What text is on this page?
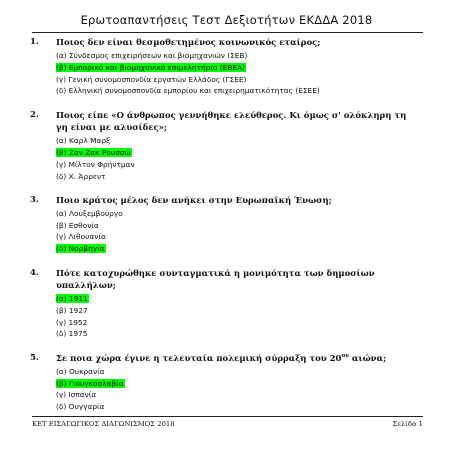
Ερωτοαπαντήσεις Τεστ Δεξιοτήτων ΕΚΔΔΑ 2018
1. Ποιος δεν είναι θεσμοθετημένος κοινωνικός εταίρος;
(α) Σύνδεσμος επιχειρήσεων και βιομηχανιών (ΣΕΒ)
(β) Εμπορικό και βιομηχανικό επιμελητήριο (ΕΒΕΑ)
(γ) Γενική συνομοσπονδία εργατών Ελλάδος (ΓΣΕΕ)
(δ) Ελληνική συνομοσπονδία εμπορίου και επιχειρηματικότητας (ΕΣΕΕ)
2. Ποιος είπε «Ο άνθρωπος γεννήθηκε ελεύθερος. Κι όμως σ' ολόκληρη τη γη είναι με αλυσίδες»;
(α) Καρλ Μαρξ
(β) Ζαν Ζακ Ρουσσώ
(γ) Μίλτον Φρήντμαν
(δ) Χ. Άρρεντ
3. Ποιο κράτος μέλος δεν ανήκει στην Ευρωπαϊκή Ένωση;
(α) Λουξεμβούργο
(β) Εσθονία
(γ) Λιθουανία
(δ) Νορβηγία
4. Πότε κατοχυρώθηκε συνταγματικά η μονιμότητα των δημοσίων υπαλλήλων;
(α) 1911
(β) 1927
(γ) 1952
(δ) 1975
5. Σε ποια χώρα έγινε η τελευταία πολεμική σύρραξη του $20^{o\upsilon}$ αιώνα;
(α) Ουκρανία
(β) Γιουγκοσλαβία
(γ) Ισπανία
(δ) Ουγγαρία
ΚΕΤ ΕΙΣΑΓΩΓΙΚΟΣ ΔΙΑΓΩΝΙΣΜΟΣ 2018	Σελίδα 1
